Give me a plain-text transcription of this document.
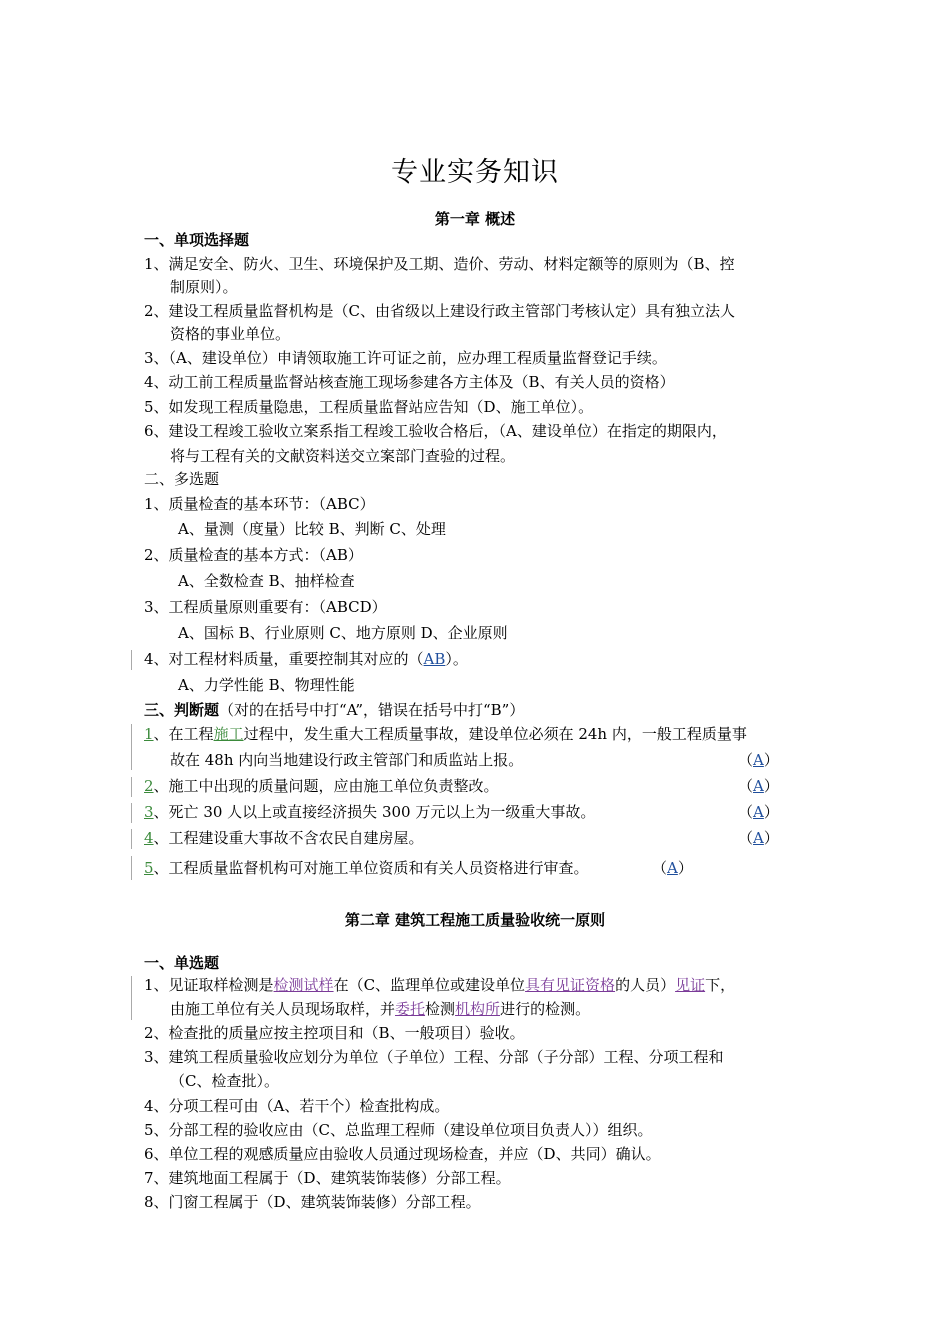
专业实务知识
第一章 概述
一、单项选择题
1、满足安全、防火、卫生、环境保护及工期、造价、劳动、材料定额等的原则为（B、控
制原则）。
2、建设工程质量监督机构是（C、由省级以上建设行政主管部门考核认定）具有独立法人
资格的事业单位。
3、（A、建设单位）申请领取施工许可证之前，应办理工程质量监督登记手续。
4、动工前工程质量监督站核查施工现场参建各方主体及（B、有关人员的资格）
5、如发现工程质量隐患，工程质量监督站应告知（D、施工单位）。
6、建设工程竣工验收立案系指工程竣工验收合格后，（A、建设单位）在指定的期限内，
将与工程有关的文献资料送交立案部门查验的过程。
二、多选题
1、质量检查的基本环节：（ABC）
A、量测（度量）比较 B、判断 C、处理
2、质量检查的基本方式：（AB）
A、全数检查 B、抽样检查
3、工程质量原则重要有：（ABCD）
A、国标 B、行业原则 C、地方原则 D、企业原则
4、对工程材料质量，重要控制其对应的（AB）。
A、力学性能 B、物理性能
三、判断题（对的在括号中打“A”，错误在括号中打“B”）
1、在工程施工过程中，发生重大工程质量事故，建设单位必须在 24h 内，一般工程质量事
故在 48h 内向当地建设行政主管部门和质监站上报。	（A）
2、施工中出现的质量问题，应由施工单位负责整改。	（A）
3、死亡 30 人以上或直接经济损失 300 万元以上为一级重大事故。	（A）
4、工程建设重大事故不含农民自建房屋。	（A）
5、工程质量监督机构可对施工单位资质和有关人员资格进行审查。	（A）
第二章 建筑工程施工质量验收统一原则
一、单选题
1、见证取样检测是检测试样在（C、监理单位或建设单位具有见证资格的人员）见证下，
由施工单位有关人员现场取样，并委托检测机构所进行的检测。
2、检查批的质量应按主控项目和（B、一般项目）验收。
3、建筑工程质量验收应划分为单位（子单位）工程、分部（子分部）工程、分项工程和
（C、检查批）。
4、分项工程可由（A、若干个）检查批构成。
5、分部工程的验收应由（C、总监理工程师（建设单位项目负责人））组织。
6、单位工程的观感质量应由验收人员通过现场检查，并应（D、共同）确认。
7、建筑地面工程属于（D、建筑装饰装修）分部工程。
8、门窗工程属于（D、建筑装饰装修）分部工程。
